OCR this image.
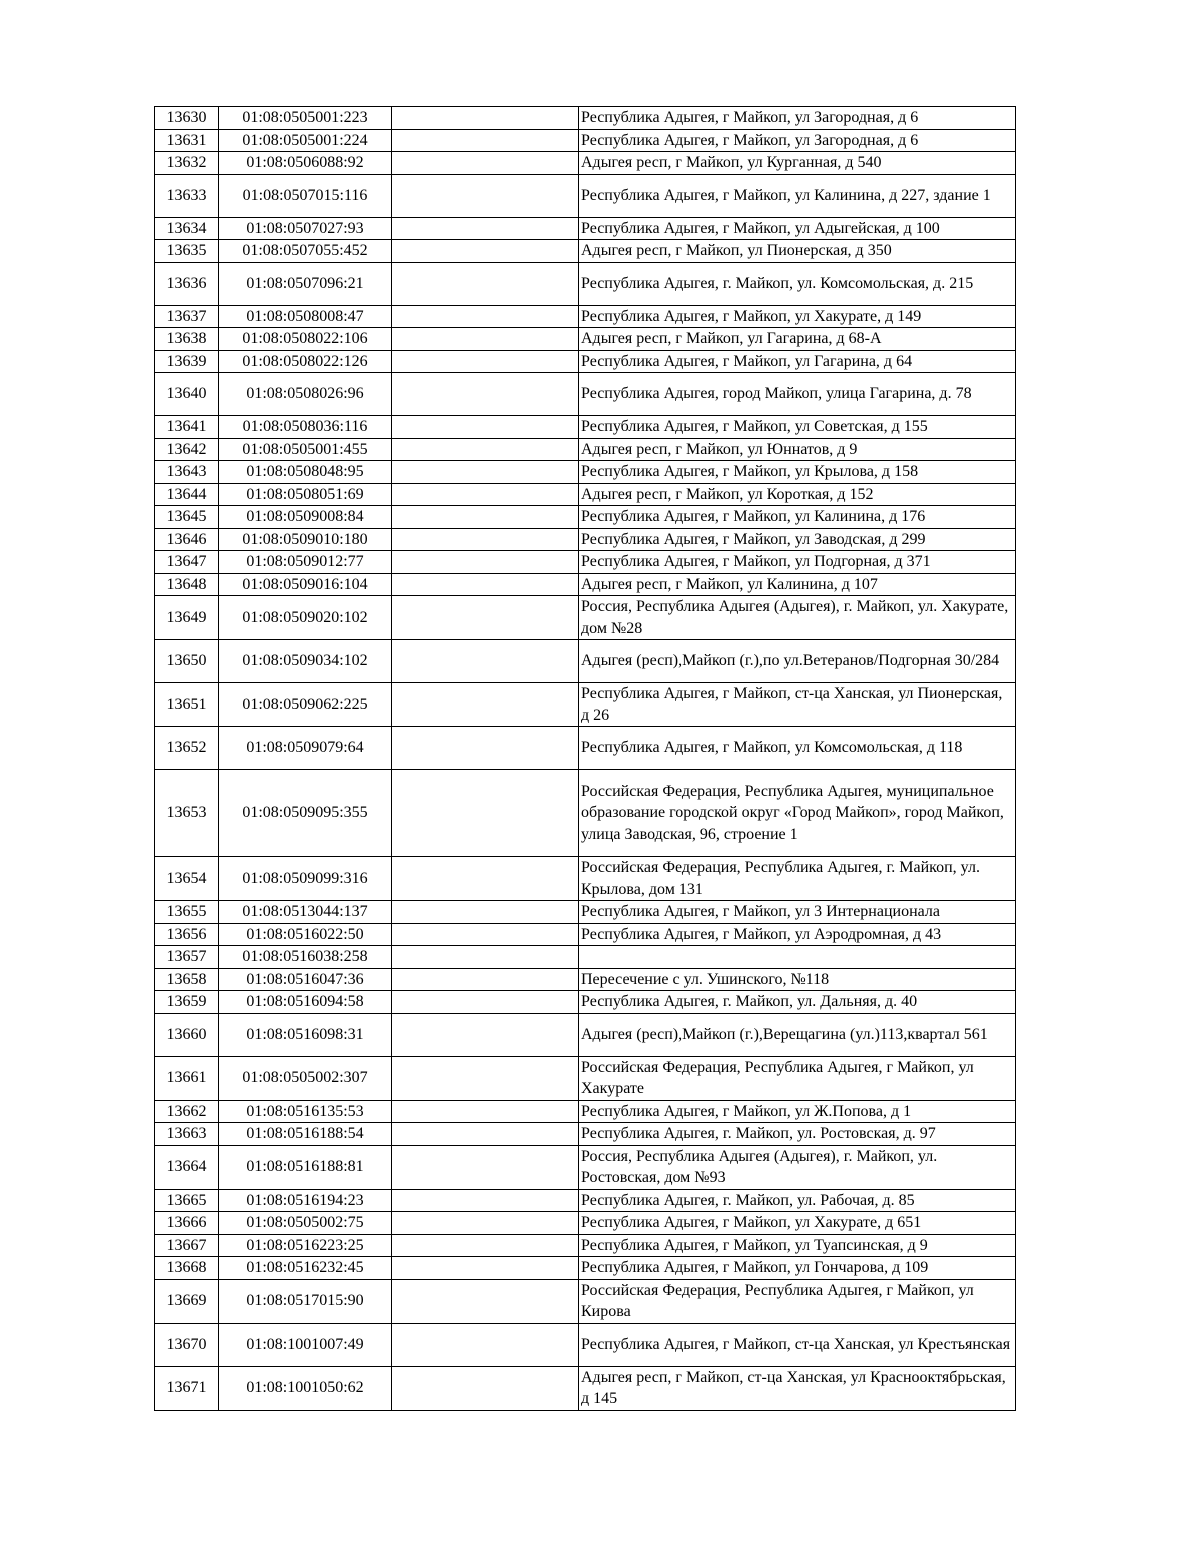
13630	01:08:0505001:223		Республика Адыгея, г Майкоп, ул Загородная, д 6
13631	01:08:0505001:224		Республика Адыгея, г Майкоп, ул Загородная, д 6
13632	01:08:0506088:92		Адыгея респ, г Майкоп, ул Курганная, д 540
13633	01:08:0507015:116		Республика Адыгея, г Майкоп, ул Калинина, д 227, здание 1
13634	01:08:0507027:93		Республика Адыгея, г Майкоп, ул Адыгейская, д 100
13635	01:08:0507055:452		Адыгея респ, г Майкоп, ул Пионерская, д 350
13636	01:08:0507096:21		Республика Адыгея, г. Майкоп, ул. Комсомольская, д. 215
13637	01:08:0508008:47		Республика Адыгея, г Майкоп, ул Хакурате, д 149
13638	01:08:0508022:106		Адыгея респ, г Майкоп, ул Гагарина, д 68-А
13639	01:08:0508022:126		Республика Адыгея, г Майкоп, ул Гагарина, д 64
13640	01:08:0508026:96		Республика Адыгея, город Майкоп, улица Гагарина, д. 78
13641	01:08:0508036:116		Республика Адыгея, г Майкоп, ул Советская, д 155
13642	01:08:0505001:455		Адыгея респ, г Майкоп, ул Юннатов, д 9
13643	01:08:0508048:95		Республика Адыгея, г Майкоп, ул Крылова, д 158
13644	01:08:0508051:69		Адыгея респ, г Майкоп, ул Короткая, д 152
13645	01:08:0509008:84		Республика Адыгея, г Майкоп, ул Калинина, д 176
13646	01:08:0509010:180		Республика Адыгея, г Майкоп, ул Заводская, д 299
13647	01:08:0509012:77		Республика Адыгея, г Майкоп, ул Подгорная, д 371
13648	01:08:0509016:104		Адыгея респ, г Майкоп, ул Калинина, д 107
13649	01:08:0509020:102		Россия, Республика Адыгея (Адыгея), г. Майкоп, ул. Хакурате, дом №28
13650	01:08:0509034:102		Адыгея (респ),Майкоп (г.),по ул.Ветеранов/Подгорная 30/284
13651	01:08:0509062:225		Республика Адыгея, г Майкоп, ст-ца Ханская, ул Пионерская, д 26
13652	01:08:0509079:64		Республика Адыгея, г Майкоп, ул Комсомольская, д 118
13653	01:08:0509095:355		Российская Федерация, Республика Адыгея, муниципальное образование городской округ «Город Майкоп», город Майкоп, улица Заводская, 96, строение 1
13654	01:08:0509099:316		Российская Федерация, Республика Адыгея, г. Майкоп, ул. Крылова, дом 131
13655	01:08:0513044:137		Республика Адыгея, г Майкоп, ул 3 Интернационала
13656	01:08:0516022:50		Республика Адыгея, г Майкоп, ул Аэродромная, д 43
13657	01:08:0516038:258		
13658	01:08:0516047:36		Пересечение с ул. Ушинского, №118
13659	01:08:0516094:58		Республика Адыгея, г. Майкоп, ул. Дальняя, д. 40
13660	01:08:0516098:31		Адыгея (респ),Майкоп (г.),Верещагина (ул.)113,квартал 561
13661	01:08:0505002:307		Российская Федерация, Республика Адыгея, г Майкоп, ул Хакурате
13662	01:08:0516135:53		Республика Адыгея, г Майкоп, ул Ж.Попова, д 1
13663	01:08:0516188:54		Республика Адыгея, г. Майкоп, ул. Ростовская, д. 97
13664	01:08:0516188:81		Россия, Республика Адыгея (Адыгея), г. Майкоп, ул. Ростовская, дом №93
13665	01:08:0516194:23		Республика Адыгея, г. Майкоп, ул. Рабочая, д. 85
13666	01:08:0505002:75		Республика Адыгея, г Майкоп, ул Хакурате, д 651
13667	01:08:0516223:25		Республика Адыгея, г Майкоп, ул Туапсинская, д 9
13668	01:08:0516232:45		Республика Адыгея, г Майкоп, ул Гончарова, д 109
13669	01:08:0517015:90		Российская Федерация, Республика Адыгея, г Майкоп, ул Кирова
13670	01:08:1001007:49		Республика Адыгея, г Майкоп, ст-ца Ханская, ул Крестьянская
13671	01:08:1001050:62		Адыгея респ, г Майкоп, ст-ца Ханская, ул Краснооктябрьская, д 145
